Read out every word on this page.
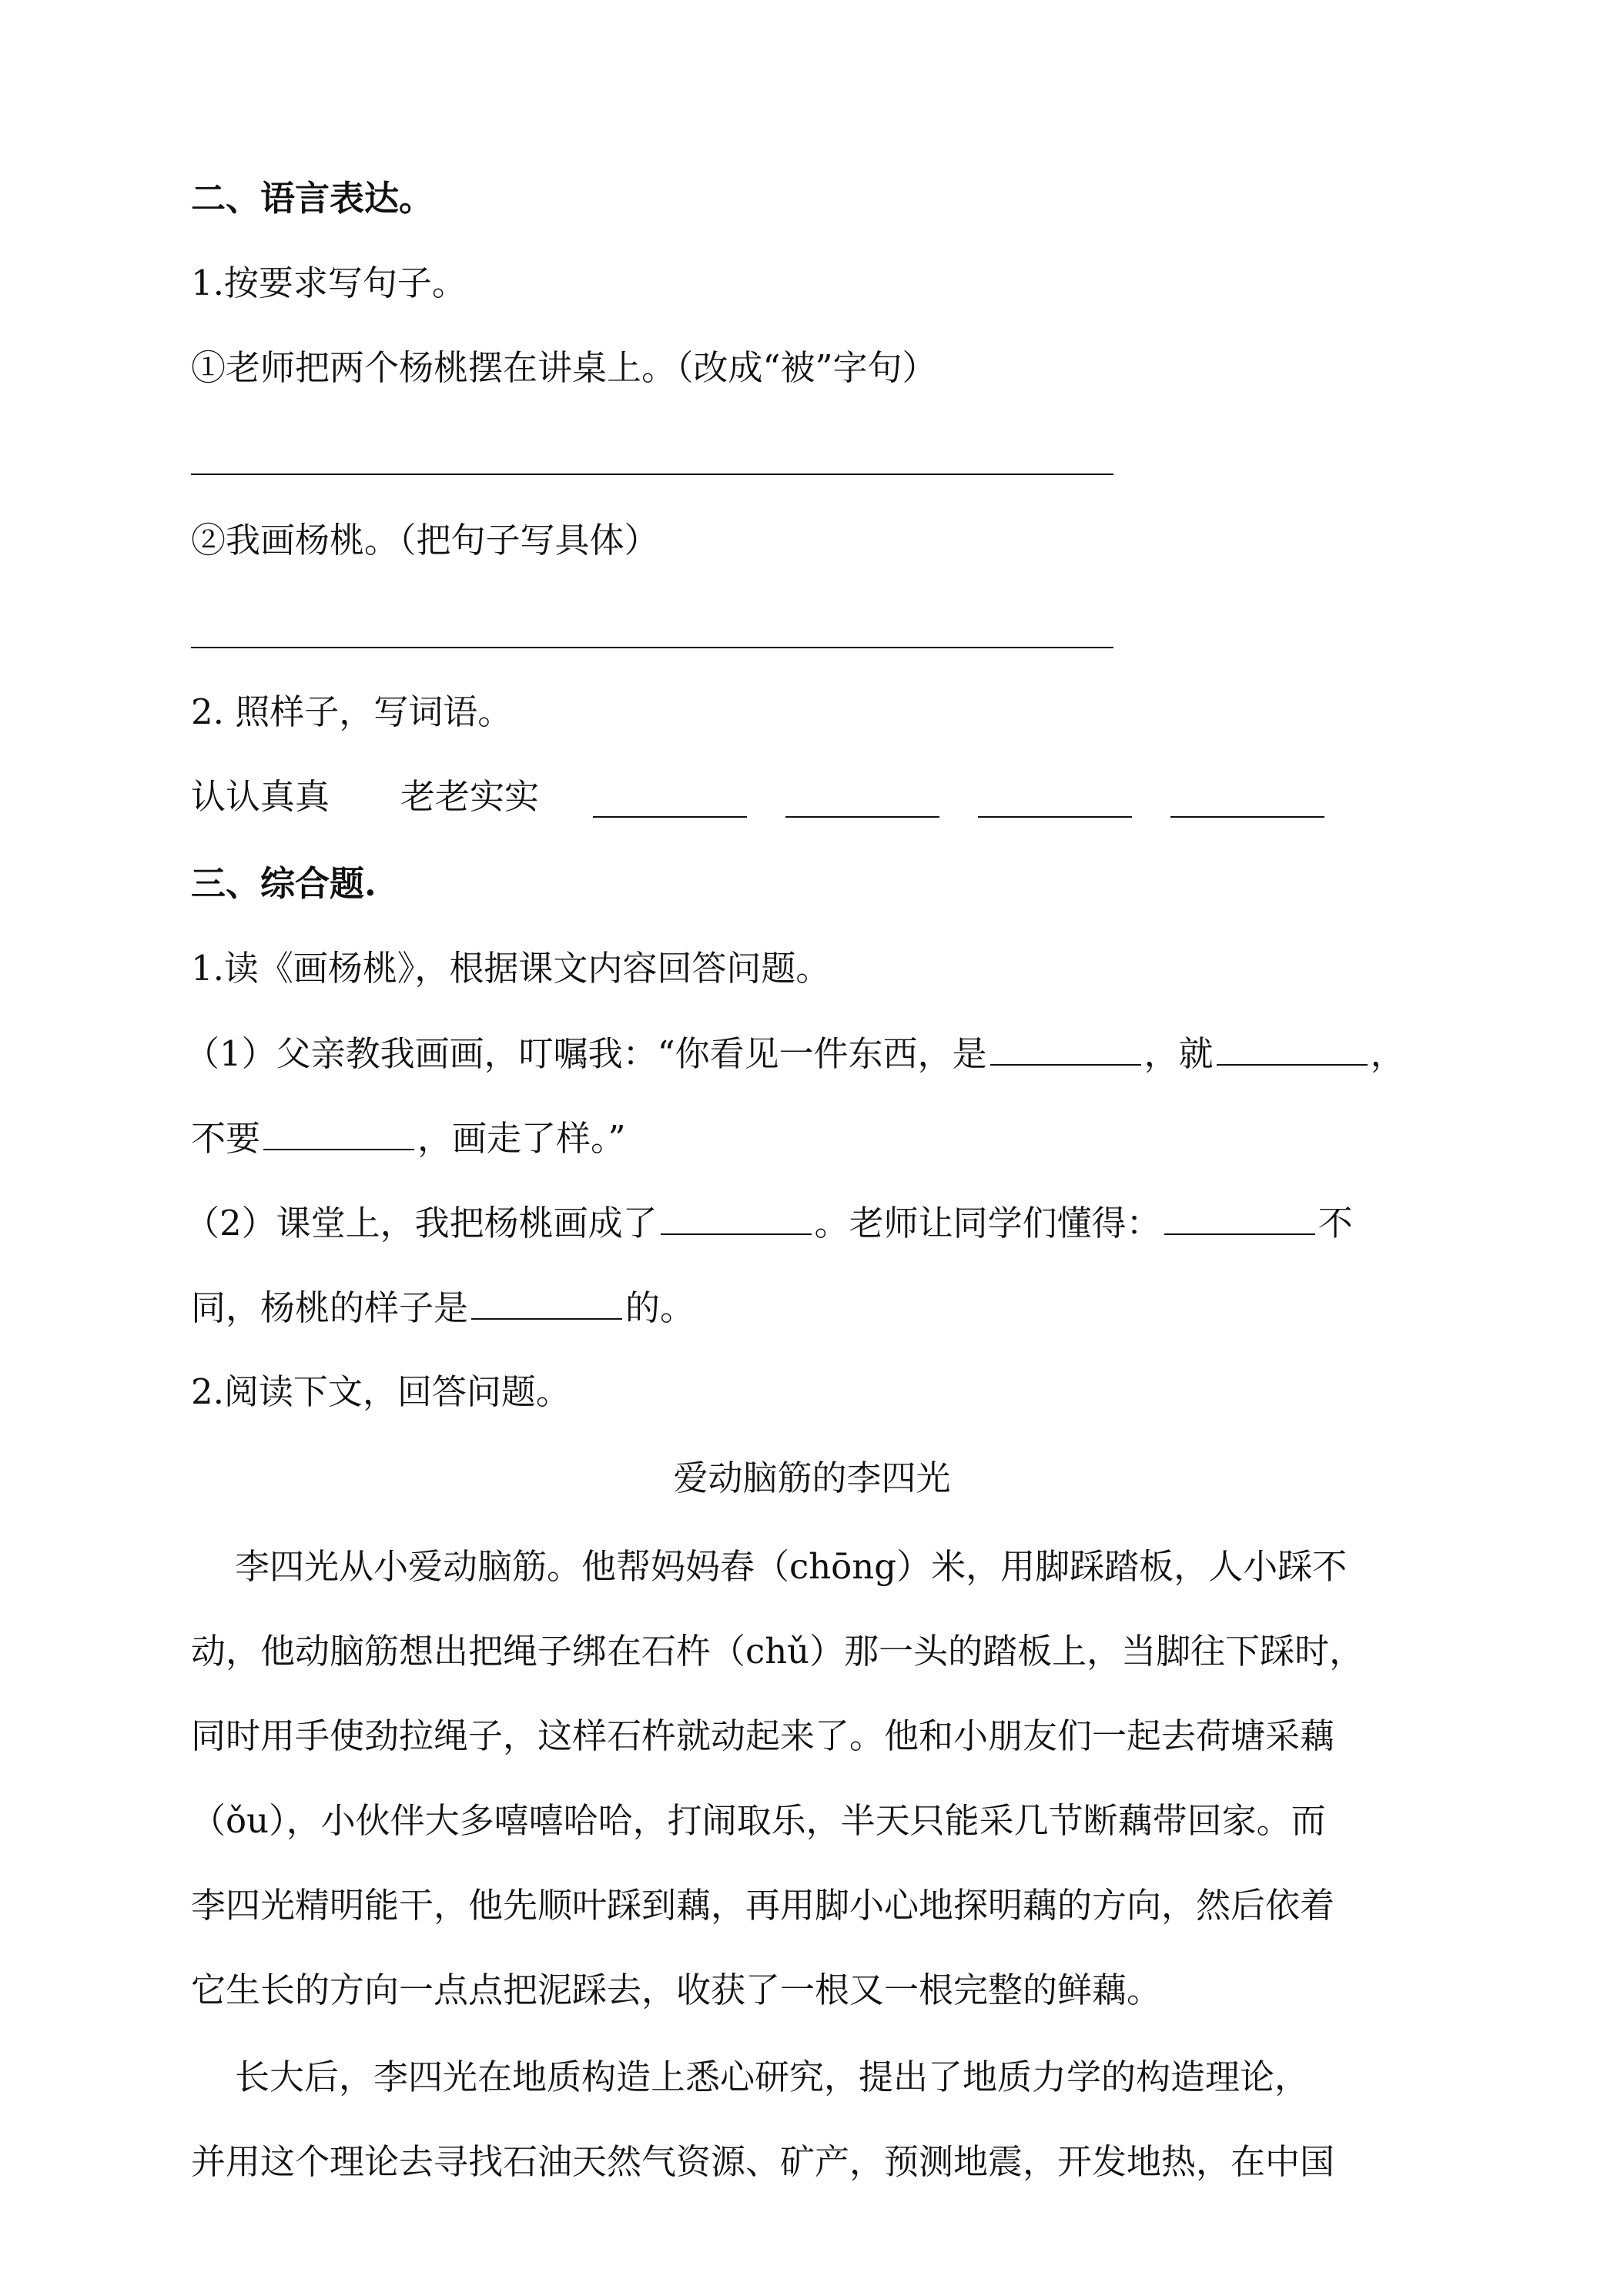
二、语言表达。
1.按要求写句子。
①老师把两个杨桃摆在讲桌上。（改成“被”字句）
②我画杨桃。（把句子写具体）
2. 照样子，写词语。
认认真真 老老实实
三、综合题.
1.读《画杨桃》，根据课文内容回答问题。
（1）父亲教我画画，叮嘱我：“你看见一件东西，是	，就	，
不要	，画走了样。”
（2）课堂上，我把杨桃画成了	。老师让同学们懂得：	不
同，杨桃的样子是	的。
2.阅读下文，回答问题。
爱动脑筋的李四光
李四光从小爱动脑筋。他帮妈妈舂（chōng）米，用脚踩踏板，人小踩不
动，他动脑筋想出把绳子绑在石杵（chǔ）那一头的踏板上，当脚往下踩时，
同时用手使劲拉绳子，这样石杵就动起来了。他和小朋友们一起去荷塘采藕
（ǒu），小伙伴大多嘻嘻哈哈，打闹取乐，半天只能采几节断藕带回家。而
李四光精明能干，他先顺叶踩到藕，再用脚小心地探明藕的方向，然后依着
它生长的方向一点点把泥踩去，收获了一根又一根完整的鲜藕。
长大后，李四光在地质构造上悉心研究，提出了地质力学的构造理论，
并用这个理论去寻找石油天然气资源、矿产，预测地震，开发地热，在中国
